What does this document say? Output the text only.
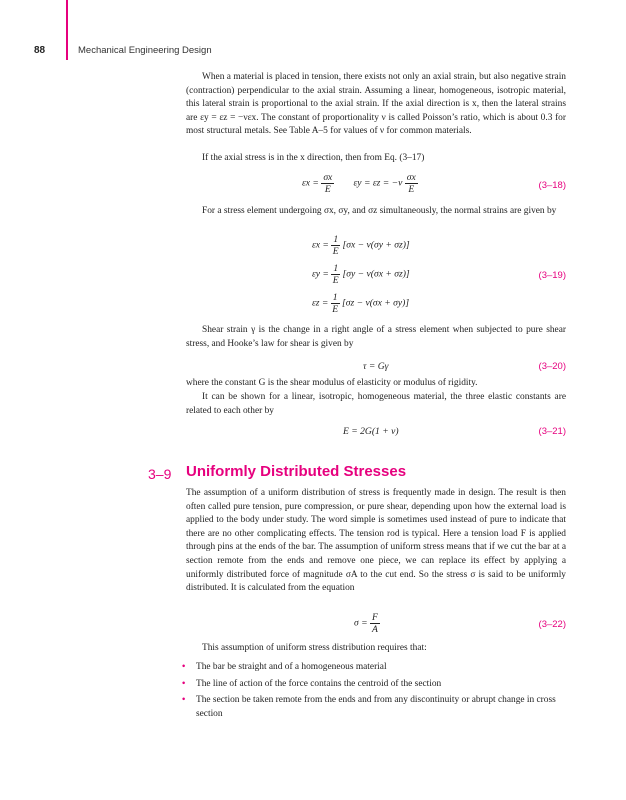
88	Mechanical Engineering Design

When a material is placed in tension, there exists not only an axial strain, but also negative strain (contraction) perpendicular to the axial strain. Assuming a linear, homogeneous, isotropic material, this lateral strain is proportional to the axial strain. If the axial direction is x, then the lateral strains are εy = εz = −νεx. The constant of proportionality ν is called Poisson’s ratio, which is about 0.3 for most structural metals. See Table A–5 for values of ν for common materials.

If the axial stress is in the x direction, then from Eq. (3–17)

$\varepsilon x = \frac{\sigma x}{E}$ $\varepsilon y = \varepsilon z = -\nu \frac{\sigma x}{E}$	(3–18)

For a stress element undergoing σx, σy, and σz simultaneously, the normal strains are given by

$\varepsilon x = \frac{1}{E} [\sigma x - \nu(\sigma y + \sigma z)]$
$\varepsilon y = \frac{1}{E} [\sigma y - \nu(\sigma x + \sigma z)]$
$\varepsilon z = \frac{1}{E} [\sigma z - \nu(\sigma x + \sigma y)]$
(3–19)

Shear strain γ is the change in a right angle of a stress element when subjected to pure shear stress, and Hooke’s law for shear is given by

τ = Gγ	(3–20)

where the constant G is the shear modulus of elasticity or modulus of rigidity.

It can be shown for a linear, isotropic, homogeneous material, the three elastic constants are related to each other by

E = 2G(1 + ν)	(3–21)
3–9 Uniformly Distributed Stresses

The assumption of a uniform distribution of stress is frequently made in design. The result is then often called pure tension, pure compression, or pure shear, depending upon how the external load is applied to the body under study. The word simple is sometimes used instead of pure to indicate that there are no other complicating effects. The tension rod is typical. Here a tension load F is applied through pins at the ends of the bar. The assumption of uniform stress means that if we cut the bar at a section remote from the ends and remove one piece, we can replace its effect by applying a uniformly distributed force of magnitude σA to the cut end. So the stress σ is said to be uniformly distributed. It is calculated from the equation

$\sigma = \frac{F}{A}$	(3–22)

This assumption of uniform stress distribution requires that:

• The bar be straight and of a homogeneous material
• The line of action of the force contains the centroid of the section
• The section be taken remote from the ends and from any discontinuity or abrupt change in cross section
